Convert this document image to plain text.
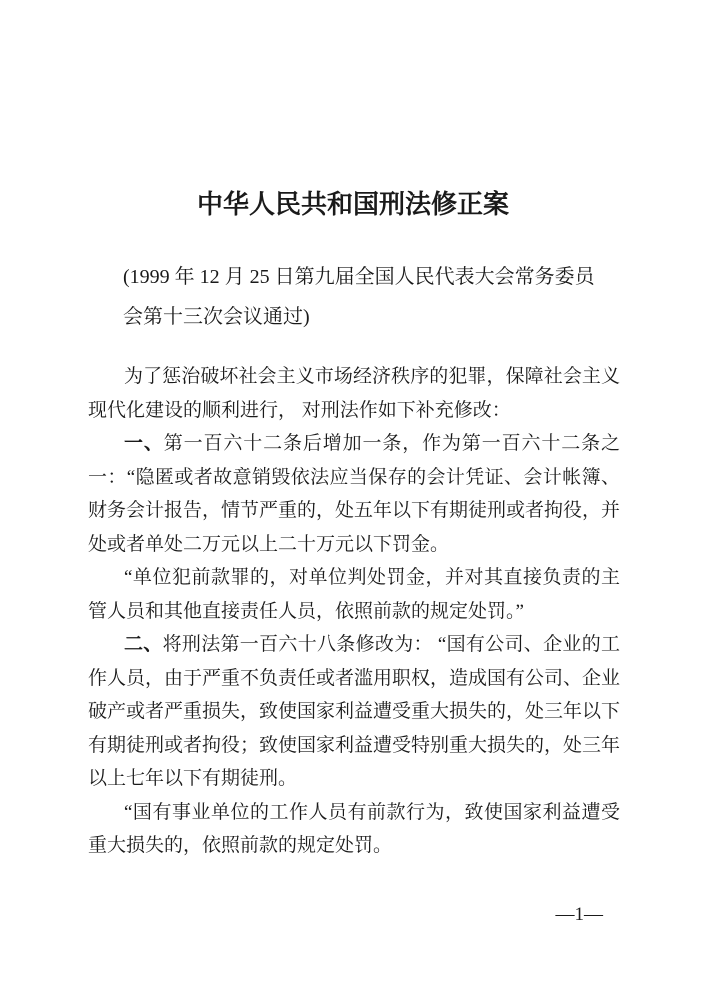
中华人民共和国刑法修正案
(1999 年 12 月 25 日第九届全国人民代表大会常务委员
会第十三次会议通过)

为了惩治破坏社会主义市场经济秩序的犯罪，保障社会主义现代化建设的顺利进行， 对刑法作如下补充修改：

一、第一百六十二条后增加一条，作为第一百六十二条之一：“隐匿或者故意销毁依法应当保存的会计凭证、会计帐簿、财务会计报告，情节严重的，处五年以下有期徒刑或者拘役，并处或者单处二万元以上二十万元以下罚金。

“单位犯前款罪的，对单位判处罚金，并对其直接负责的主管人员和其他直接责任人员，依照前款的规定处罚。”

二、将刑法第一百六十八条修改为： “国有公司、企业的工作人员，由于严重不负责任或者滥用职权，造成国有公司、企业破产或者严重损失，致使国家利益遭受重大损失的，处三年以下有期徒刑或者拘役；致使国家利益遭受特别重大损失的，处三年以上七年以下有期徒刑。

“国有事业单位的工作人员有前款行为，致使国家利益遭受重大损失的，依照前款的规定处罚。

—1—
